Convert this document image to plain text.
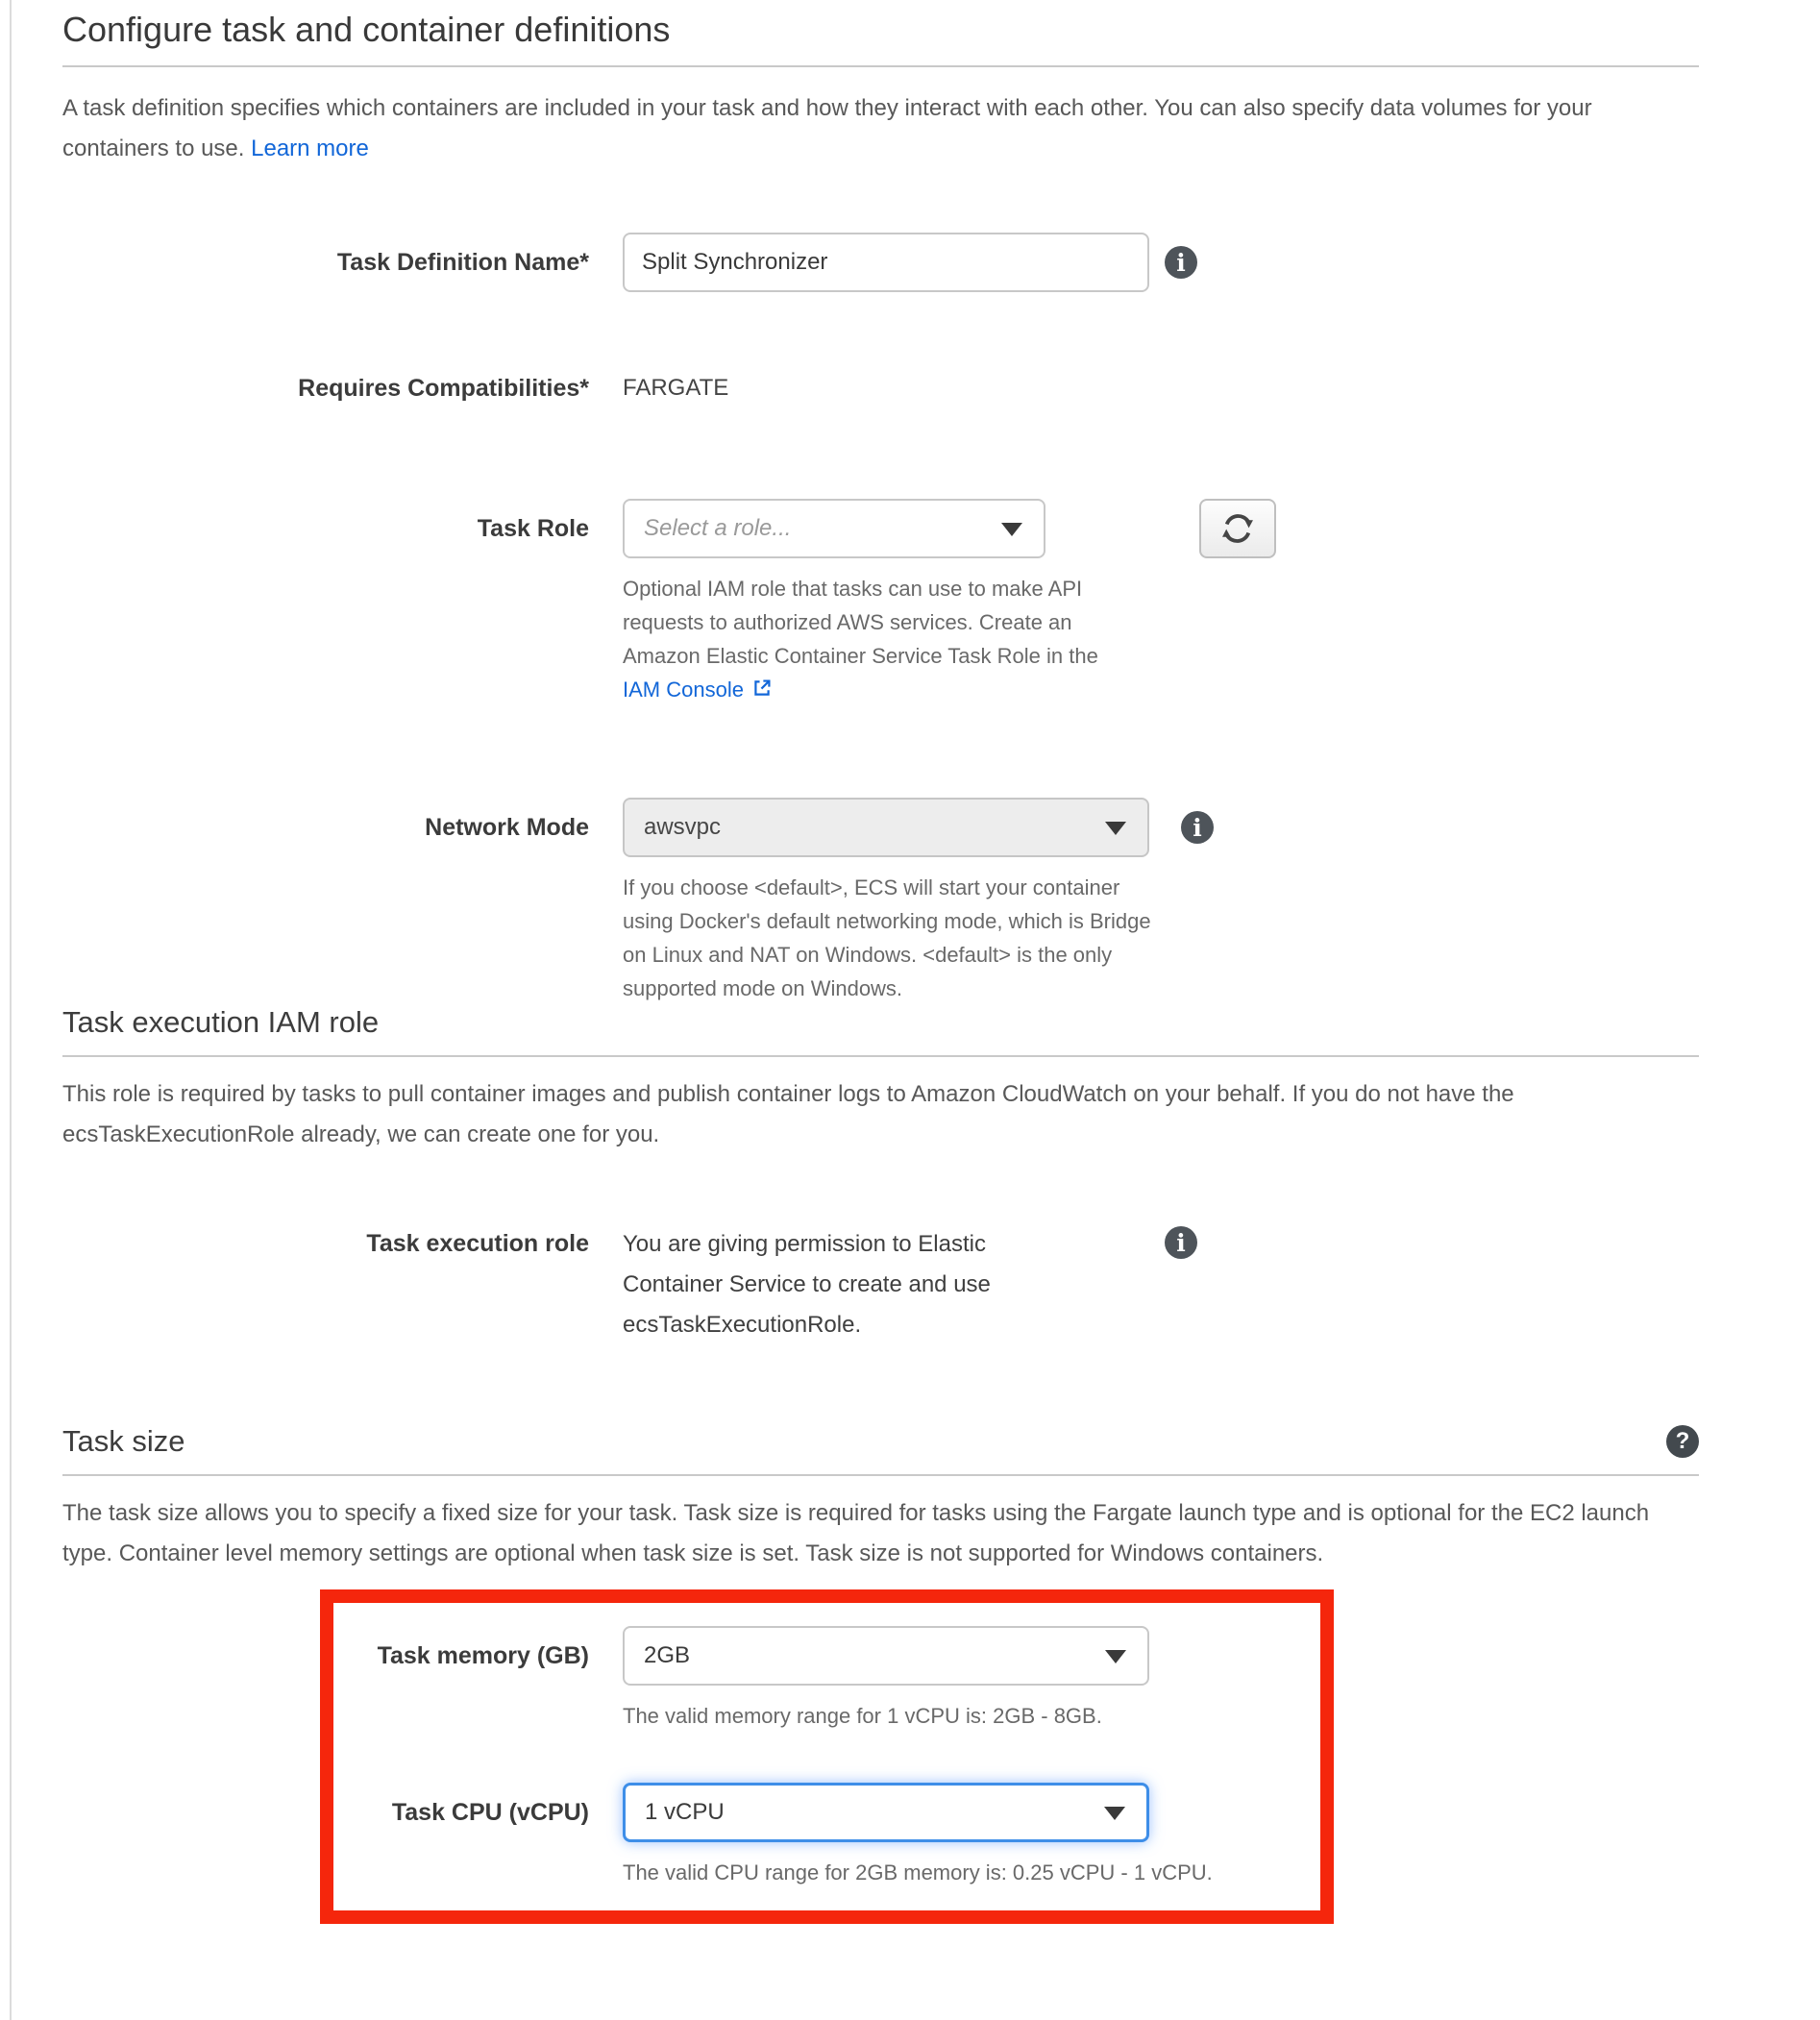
Configure task and container definitions
A task definition specifies which containers are included in your task and how they interact with each other. You can also specify data volumes for your containers to use. Learn more
Task Definition Name*
Split Synchronizer	i
Requires Compatibilities* FARGATE
Task Role Select a role...
Optional IAM role that tasks can use to make API requests to authorized AWS services. Create an Amazon Elastic Container Service Task Role in the IAM Console
Network Mode awsvpc
If you choose <default>, ECS will start your container using Docker's default networking mode, which is Bridge on Linux and NAT on Windows. <default> is the only supported mode on Windows.
i
Task execution IAM role
This role is required by tasks to pull container images and publish container logs to Amazon CloudWatch on your behalf. If you do not have the ecsTaskExecutionRole already, we can create one for you.
Task execution role You are giving permission to Elastic Container Service to create and use ecsTaskExecutionRole.
i
Task size	?
The task size allows you to specify a fixed size for your task. Task size is required for tasks using the Fargate launch type and is optional for the EC2 launch type. Container level memory settings are optional when task size is set. Task size is not supported for Windows containers.
Task memory (GB) 2GB
The valid memory range for 1 vCPU is: 2GB - 8GB.
Task CPU (vCPU) 1 vCPU
The valid CPU range for 2GB memory is: 0.25 vCPU - 1 vCPU.
